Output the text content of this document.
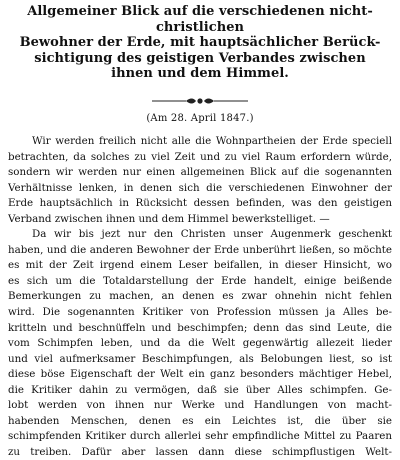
Allgemeiner Blick auf die verschiedenen nicht-christlichen
Bewohner der Erde, mit hauptsächlicher Berück-
sichtigung des geistigen Verbandes zwischen
ihnen und dem Himmel.
(Am 28. April 1847.)
Wir werden freilich nicht alle die Wohnpartheien der Erde speciell
betrachten, da solches zu viel Zeit und zu viel Raum erfordern würde,
sondern wir werden nur einen allgemeinen Blick auf die sogenannten
Verhältnisse lenken, in denen sich die verschiedenen Einwohner der
Erde hauptsächlich in Rücksicht dessen befinden, was den geistigen
Verband zwischen ihnen und dem Himmel bewerkstelliget. —
Da wir bis jezt nur den Christen unser Augenmerk geschenkt
haben, und die anderen Bewohner der Erde unberührt ließen, so möchte
es mit der Zeit irgend einem Leser beifallen, in dieser Hinsicht, wo
es sich um die Totaldarstellung der Erde handelt, einige beißende
Bemerkungen zu machen, an denen es zwar ohnehin nicht fehlen
wird. Die sogenannten Kritiker von Profession müssen ja Alles be-
kritteln und beschnüffeln und beschimpfen; denn das sind Leute, die
vom Schimpfen leben, und da die Welt gegenwärtig allezeit lieder
und viel aufmerksamer Beschimpfungen, als Belobungen liest, so ist
diese böse Eigenschaft der Welt ein ganz besonders mächtiger Hebel,
die Kritiker dahin zu vermögen, daß sie über Alles schimpfen. Ge-
lobt werden von ihnen nur Werke und Handlungen von macht-
habenden Menschen, denen es ein Leichtes ist, die über sie
schimpfenden Kritiker durch allerlei sehr empfindliche Mittel zu Paaren
zu treiben. Dafür aber lassen dann diese schimpflustigen Welt-
